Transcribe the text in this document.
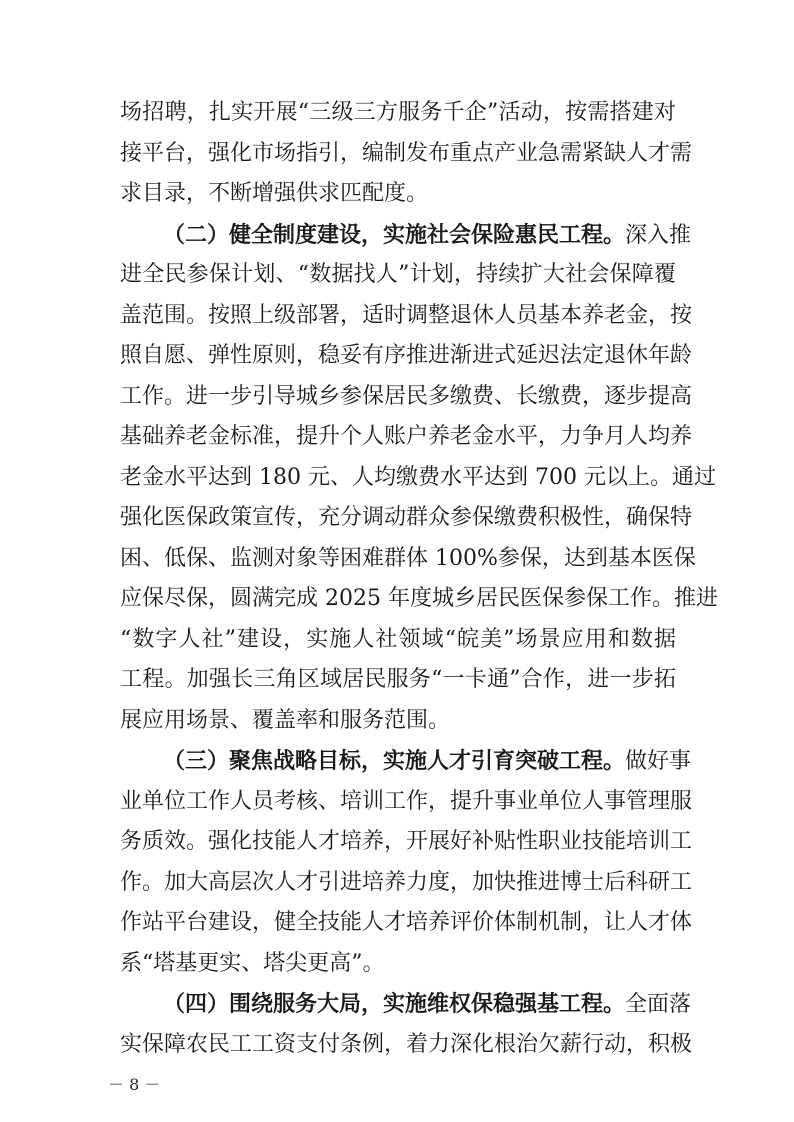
场招聘，扎实开展“三级三方服务千企”活动，按需搭建对
接平台，强化市场指引，编制发布重点产业急需紧缺人才需
求目录，不断增强供求匹配度。
（二）健全制度建设，实施社会保险惠民工程。深入推
进全民参保计划、“数据找人”计划，持续扩大社会保障覆
盖范围。按照上级部署，适时调整退休人员基本养老金，按
照自愿、弹性原则，稳妥有序推进渐进式延迟法定退休年龄
工作。进一步引导城乡参保居民多缴费、长缴费，逐步提高
基础养老金标准，提升个人账户养老金水平，力争月人均养
老金水平达到 180 元、人均缴费水平达到 700 元以上。通过
强化医保政策宣传，充分调动群众参保缴费积极性，确保特
困、低保、监测对象等困难群体 100%参保，达到基本医保
应保尽保，圆满完成 2025 年度城乡居民医保参保工作。推进
“数字人社”建设，实施人社领域“皖美”场景应用和数据
工程。加强长三角区域居民服务“一卡通”合作，进一步拓
展应用场景、覆盖率和服务范围。
（三）聚焦战略目标，实施人才引育突破工程。做好事
业单位工作人员考核、培训工作，提升事业单位人事管理服
务质效。强化技能人才培养，开展好补贴性职业技能培训工
作。加大高层次人才引进培养力度，加快推进博士后科研工
作站平台建设，健全技能人才培养评价体制机制，让人才体
系“塔基更实、塔尖更高”。
（四）围绕服务大局，实施维权保稳强基工程。全面落
实保障农民工工资支付条例，着力深化根治欠薪行动，积极
－ 8 －
